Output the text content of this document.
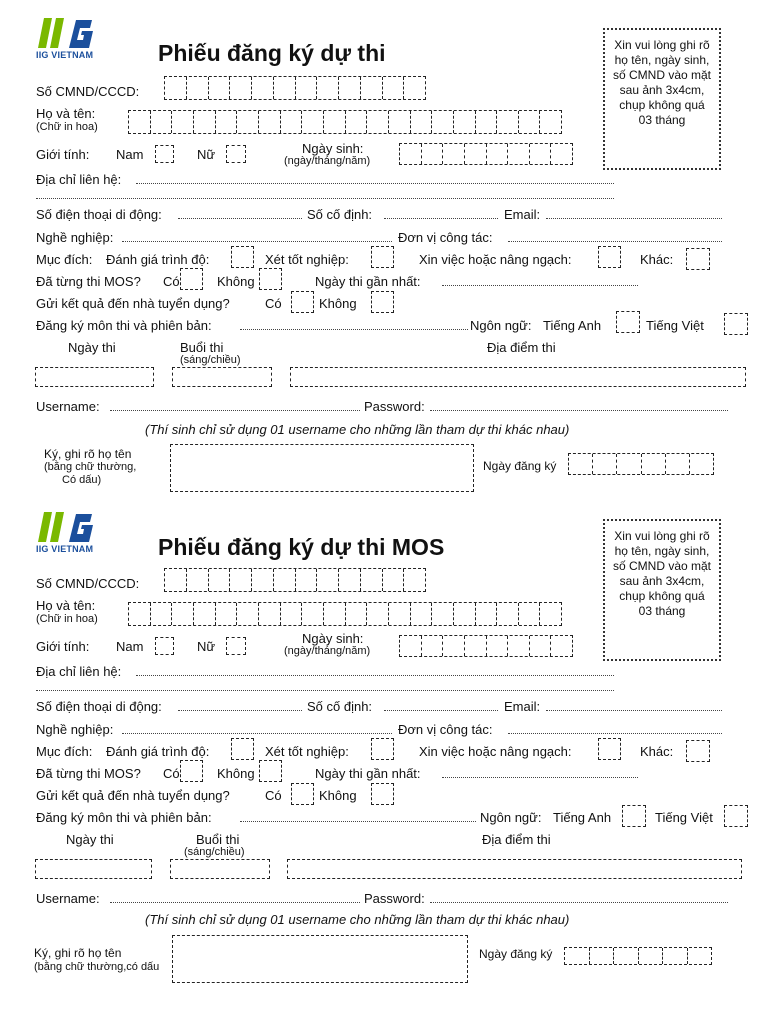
IIG VIETNAM	Phiếu đăng ký dự thi	Xin vui lòng ghi rõ họ tên, ngày sinh, số CMND vào mặt sau ảnh 3x4cm, chụp không quá 03 tháng
Số CMND/CCCD:
Họ và tên:
(Chữ in hoa)
Giới tính: Nam	Nữ	Ngày sinh:
(ngày/tháng/năm)
Địa chỉ liên hệ:
Số điện thoại di động:	Số cố định:	Email:
Nghề nghiệp:	Đơn vị công tác:
Mục đích: Đánh giá trình độ:	Xét tốt nghiệp:	Xin việc hoặc nâng ngạch:	Khác:
Đã từng thi MOS? Có	Không	Ngày thi gần nhất:
Gửi kết quả đến nhà tuyển dụng?	Có	Không
Đăng ký môn thi và phiên bản:	Ngôn ngữ: Tiếng Anh	Tiếng Việt
Ngày thi	Buổi thi
(sáng/chiều)
Địa điểm thi
Username:	Password:
(Thí sinh chỉ sử dụng 01 username cho những lần tham dự thi khác nhau)
Ký, ghi rõ họ tên
(bằng chữ thường,
Có dấu)
Ngày đăng ký
IIG VIETNAM	Phiếu đăng ký dự thi MOS	Xin vui lòng ghi rõ họ tên, ngày sinh, số CMND vào mặt sau ảnh 3x4cm, chụp không quá 03 tháng
Số CMND/CCCD:
Họ và tên:
(Chữ in hoa)
Giới tính: Nam	Nữ
Ngày sinh:
(ngày/tháng/năm)
Địa chỉ liên hệ:
Số điện thoại di động:	Số cố định:	Email:
Nghề nghiệp:	Đơn vị công tác:
Mục đích: Đánh giá trình độ:	Xét tốt nghiệp:	Xin việc hoặc nâng ngạch:	Khác:
Đã từng thi MOS? Có	Không	Ngày thi gần nhất:
Gửi kết quả đến nhà tuyển dụng?	Có	Không
Đăng ký môn thi và phiên bản:	Ngôn ngữ: Tiếng Anh	Tiếng Việt
Ngày thi	Buổi thi
(sáng/chiều)
Địa điểm thi
Username:	Password:
(Thí sinh chỉ sử dụng 01 username cho những lần tham dự thi khác nhau)
Ký, ghi rõ họ tên
(bằng chữ thường,có dấu
Ngày đăng ký
